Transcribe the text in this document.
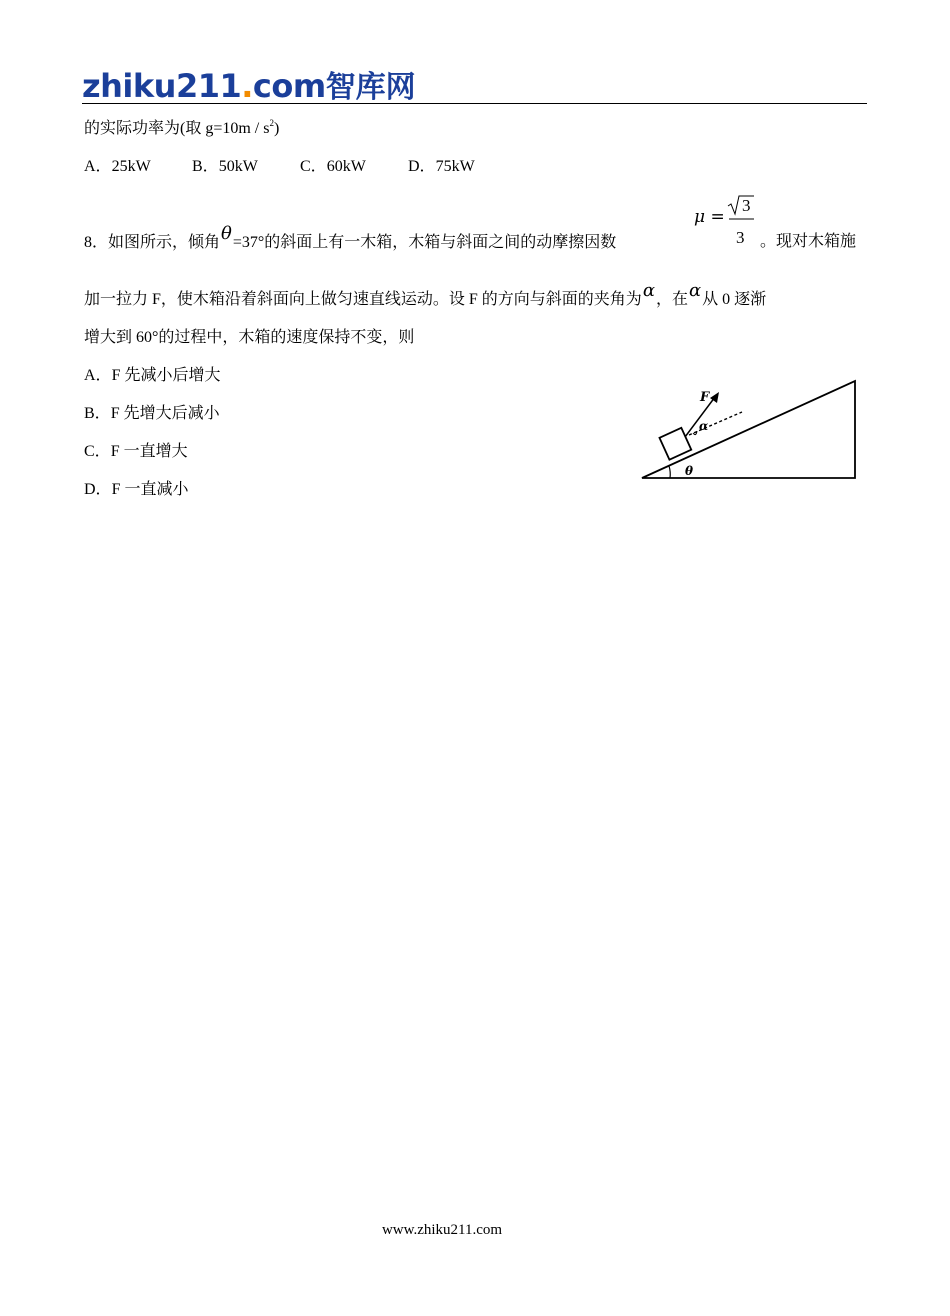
zhiku211.com智库网
的实际功率为(取 $g=10m / s^2$)
A．25kW	B．50kW	C．60kW	D．75kW
8．如图所示，倾角θ=37°的斜面上有一木箱，木箱与斜面之间的动摩擦因数
μ =
3
3 。现对木箱施
加一拉力 F，使木箱沿着斜面向上做匀速直线运动。设 F 的方向与斜面的夹角为α，在α从 0 逐渐
增大到 60°的过程中，木箱的速度保持不变，则
A．F 先减小后增大
B．F 先增大后减小
C．F 一直增大
D．F 一直减小
θ
α
F
www.zhiku211.com
